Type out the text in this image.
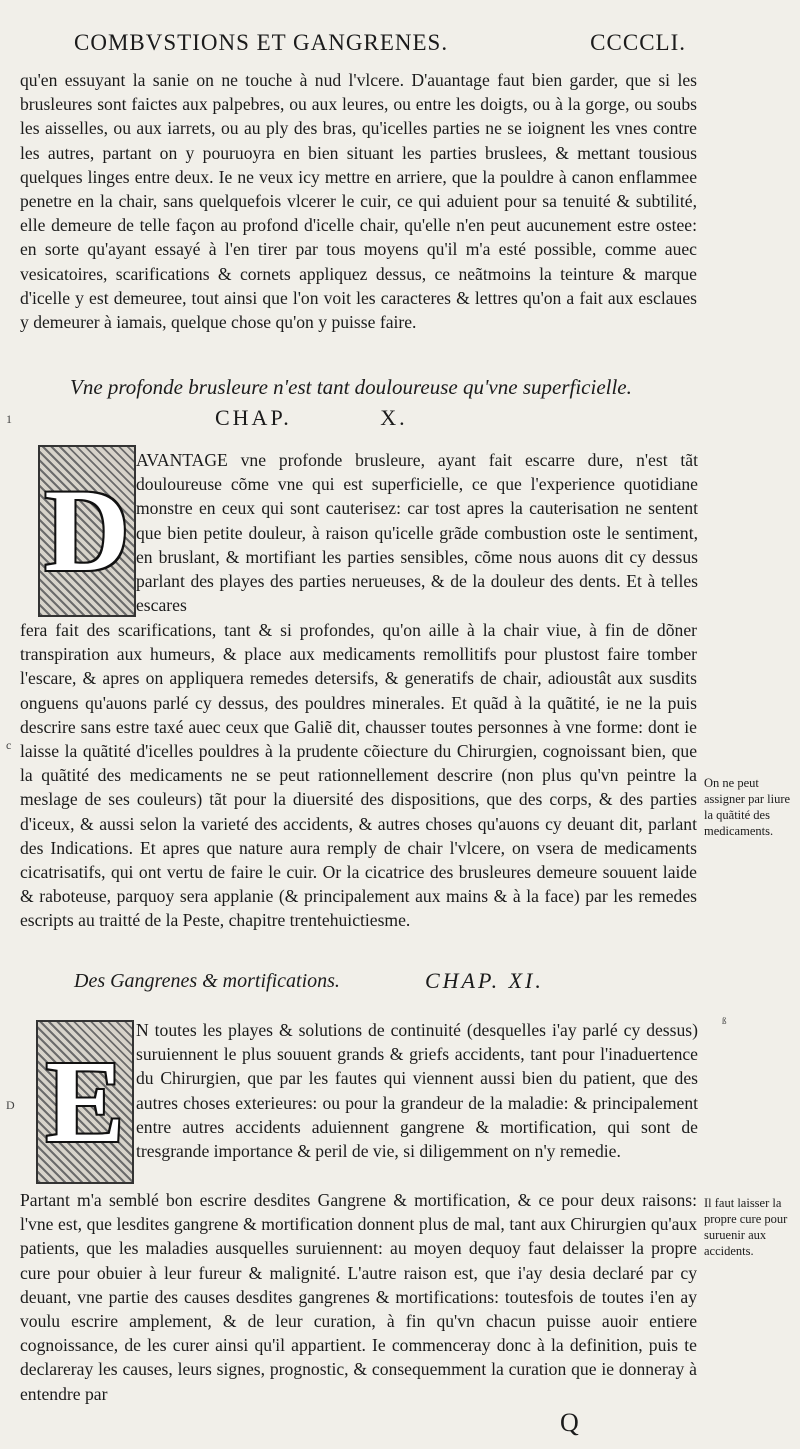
COMBVSTIONS ET GANGRENES.	CCCCLI.
qu'en essuyant la sanie on ne touche à nud l'vlcere. D'auantage faut bien garder, que si les brusleures sont faictes aux palpebres, ou aux leures, ou entre les doigts, ou à la gorge, ou soubs les aisselles, ou aux iarrets, ou au ply des bras, qu'icelles parties ne se ioignent les vnes contre les autres, partant on y pouruoyra en bien situant les parties bruslees, & mettant tousious quelques linges entre deux. Ie ne veux icy mettre en arriere, que la pouldre à canon enflammee penetre en la chair, sans quelquefois vlcerer le cuir, ce qui aduient pour sa tenuité & subtilité, elle demeure de telle façon au profond d'icelle chair, qu'elle n'en peut aucunement estre ostee: en sorte qu'ayant essayé à l'en tirer par tous moyens qu'il m'a esté possible, comme auec vesicatoires, scarifications & cornets appliquez dessus, ce neãtmoins la teinture & marque d'icelle y est demeuree, tout ainsi que l'on voit les caracteres & lettres qu'on a fait aux esclaues y demeurer à iamais, quelque chose qu'on y puisse faire.
Vne profonde brusleure n'est tant douloureuse qu'vne superficielle.
CHAP.	X.
1
D
AVANTAGE vne profonde brusleure, ayant fait escarre dure, n'est tãt douloureuse cõme vne qui est superficielle, ce que l'experience quotidiane monstre en ceux qui sont cauterisez: car tost apres la cauterisation ne sentent que bien petite douleur, à raison qu'icelle grãde combustion oste le sentiment, en bruslant, & mortifiant les parties sensibles, cõme nous auons dit cy dessus parlant des playes des parties nerueuses, & de la douleur des dents. Et à telles escares
fera fait des scarifications, tant & si profondes, qu'on aille à la chair viue, à fin de dõner transpiration aux humeurs, & place aux medicaments remollitifs pour plustost faire tomber l'escare, & apres on appliquera remedes detersifs, & generatifs de chair, adioustât aux susdits onguens qu'auons parlé cy dessus, des pouldres minerales. Et quãd à la quãtité, ie ne la puis descrire sans estre taxé auec ceux que Galiẽ dit, chausser toutes personnes à vne forme: dont ie laisse la quãtité d'icelles pouldres à la prudente cõiecture du Chirurgien, cognoissant bien, que la quãtité des medicaments ne se peut rationnellement descrire (non plus qu'vn peintre la meslage de ses couleurs) tãt pour la diuersité des dispositions, que des corps, & des parties d'iceux, & aussi selon la varieté des accidents, & autres choses qu'auons cy deuant dit, parlant des Indications. Et apres que nature aura remply de chair l'vlcere, on vsera de medicaments cicatrisatifs, qui ont vertu de faire le cuir. Or la cicatrice des brusleures demeure souuent laide & raboteuse, parquoy sera applanie (& principalement aux mains & à la face) par les remedes escripts au traitté de la Peste, chapitre trentehuictiesme.
c
On ne peut assigner par liure la quãtité des medicaments.
Des Gangrenes & mortifications.	CHAP. XI.
ß
E
D
N toutes les playes & solutions de continuité (desquelles i'ay parlé cy dessus) suruiennent le plus souuent grands & griefs accidents, tant pour l'inaduertence du Chirurgien, que par les fautes qui viennent aussi bien du patient, que des autres choses exterieures: ou pour la grandeur de la maladie: & principalement entre autres accidents aduiennent gangrene & mortification, qui sont de tresgrande importance & peril de vie, si diligemment on n'y remedie.
Partant m'a semblé bon escrire desdites Gangrene & mortification, & ce pour deux raisons: l'vne est, que lesdites gangrene & mortification donnent plus de mal, tant aux Chirurgien qu'aux patients, que les maladies ausquelles suruiennent: au moyen dequoy faut delaisser la propre cure pour obuier à leur fureur & malignité. L'autre raison est, que i'ay desia declaré par cy deuant, vne partie des causes desdites gangrenes & mortifications: toutesfois de toutes i'en ay voulu escrire amplement, & de leur curation, à fin qu'vn chacun puisse auoir entiere cognoissance, de les curer ainsi qu'il appartient. Ie commenceray donc à la definition, puis te declareray les causes, leurs signes, prognostic, & consequemment la curation que ie donneray à entendre par
Il faut laisser la propre cure pour suruenir aux accidents.
Q
